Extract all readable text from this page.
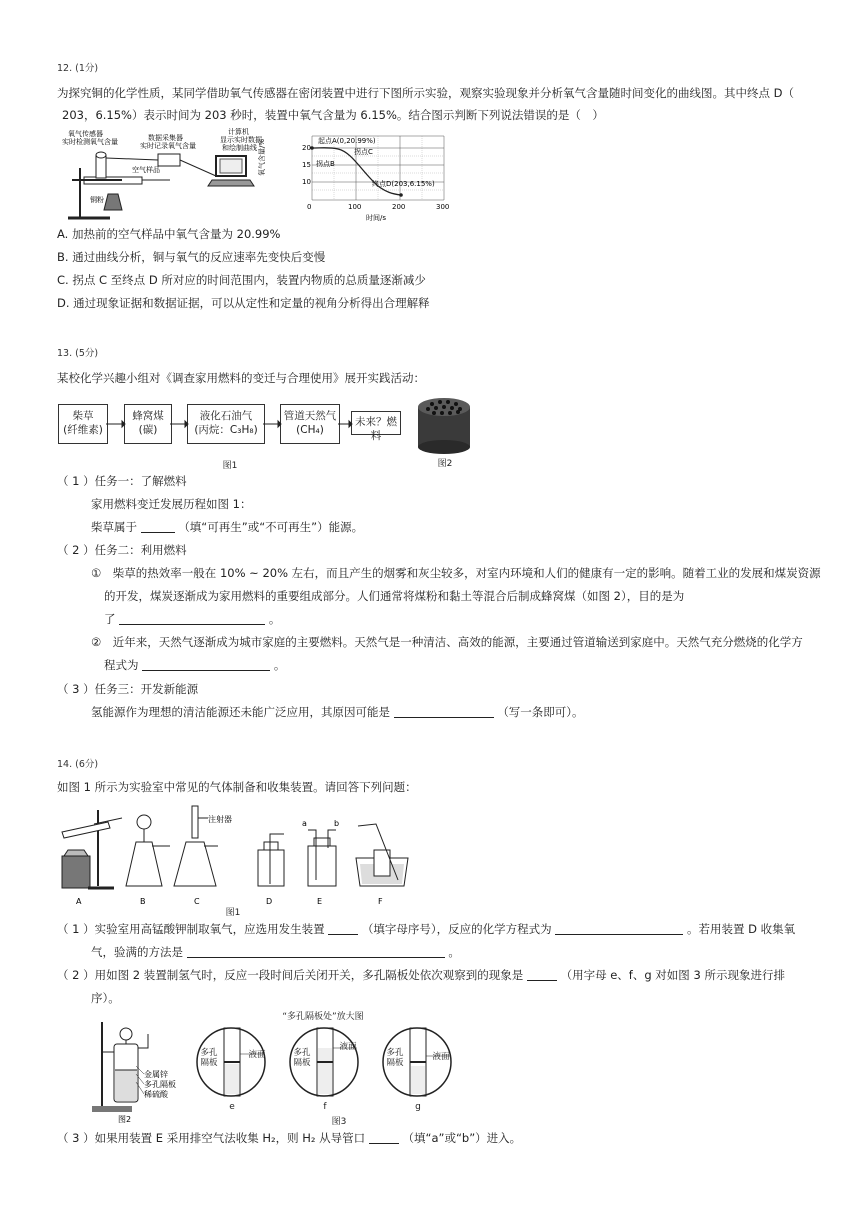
12. (1分)
为探究铜的化学性质，某同学借助氧气传感器在密闭装置中进行下图所示实验，观察实验现象并分析氧气含量随时间变化的曲线图。其中终点 D（
203，6.15%）表示时间为 203 秒时，装置中氧气含量为 6.15%。结合图示判断下列说法错误的是（　）
氧气传感器
实时检测氧气含量	数据采集器
实时记录氧气含量
计算机
显示实时数据
和绘制曲线
空气样品
铜粉
氧气含量/%	20
15
10
0	100	200	300
时间/s
起点A(0,20.99%)
拐点C
拐点B
终点D(203,6.15%)
A. 加热前的空气样品中氧气含量为 20.99%
B. 通过曲线分析，铜与氧气的反应速率先变快后变慢
C. 拐点 C 至终点 D 所对应的时间范围内，装置内物质的总质量逐渐减少
D. 通过现象证据和数据证据，可以从定性和定量的视角分析得出合理解释
13. (5分)
某校化学兴趣小组对《调查家用燃料的变迁与合理使用》展开实践活动：
柴草
(纤维素)
蜂窝煤
(碳)
液化石油气
(丙烷：C₃H₈)
管道天然气
(CH₄)
未来？燃料
图1	图2
（ 1 ）任务一：了解燃料
家用燃料变迁发展历程如图 1：
柴草属于	（填“可再生”或“不可再生”）能源。
（ 2 ）任务二：利用燃料
①　柴草的热效率一般在 10% ~ 20% 左右，而且产生的烟雾和灰尘较多，对室内环境和人们的健康有一定的影响。随着工业的发展和煤炭资源
的开发，煤炭逐渐成为家用燃料的重要组成部分。人们通常将煤粉和黏土等混合后制成蜂窝煤（如图 2），目的是为
了	。
②　近年来，天然气逐渐成为城市家庭的主要燃料。天然气是一种清洁、高效的能源，主要通过管道输送到家庭中。天然气充分燃烧的化学方
程式为	。
（ 3 ）任务三：开发新能源
氢能源作为理想的清洁能源还未能广泛应用，其原因可能是	（写一条即可）。
14. (6分)
如图 1 所示为实验室中常见的气体制备和收集装置。请回答下列问题：
A	B
注射器
C	D
a	b
E	F
图1
（ 1 ）实验室用高锰酸钾制取氧气，应选用发生装置	（填字母序号），反应的化学方程式为	。若用装置 D 收集氧
气，验满的方法是	。
（ 2 ）用如图 2 装置制氢气时，反应一段时间后关闭开关，多孔隔板处依次观察到的现象是	（用字母 e、f、g 对如图 3 所示现象进行排
序）。
金属锌
多孔隔板
稀硫酸
图2
“多孔隔板处”放大图
多孔
隔板
液面	多孔
隔板
液面
多孔
隔板
液面
e	f	g
图3
（ 3 ）如果用装置 E 采用排空气法收集 H₂，则 H₂ 从导管口	（填“a”或“b”）进入。
